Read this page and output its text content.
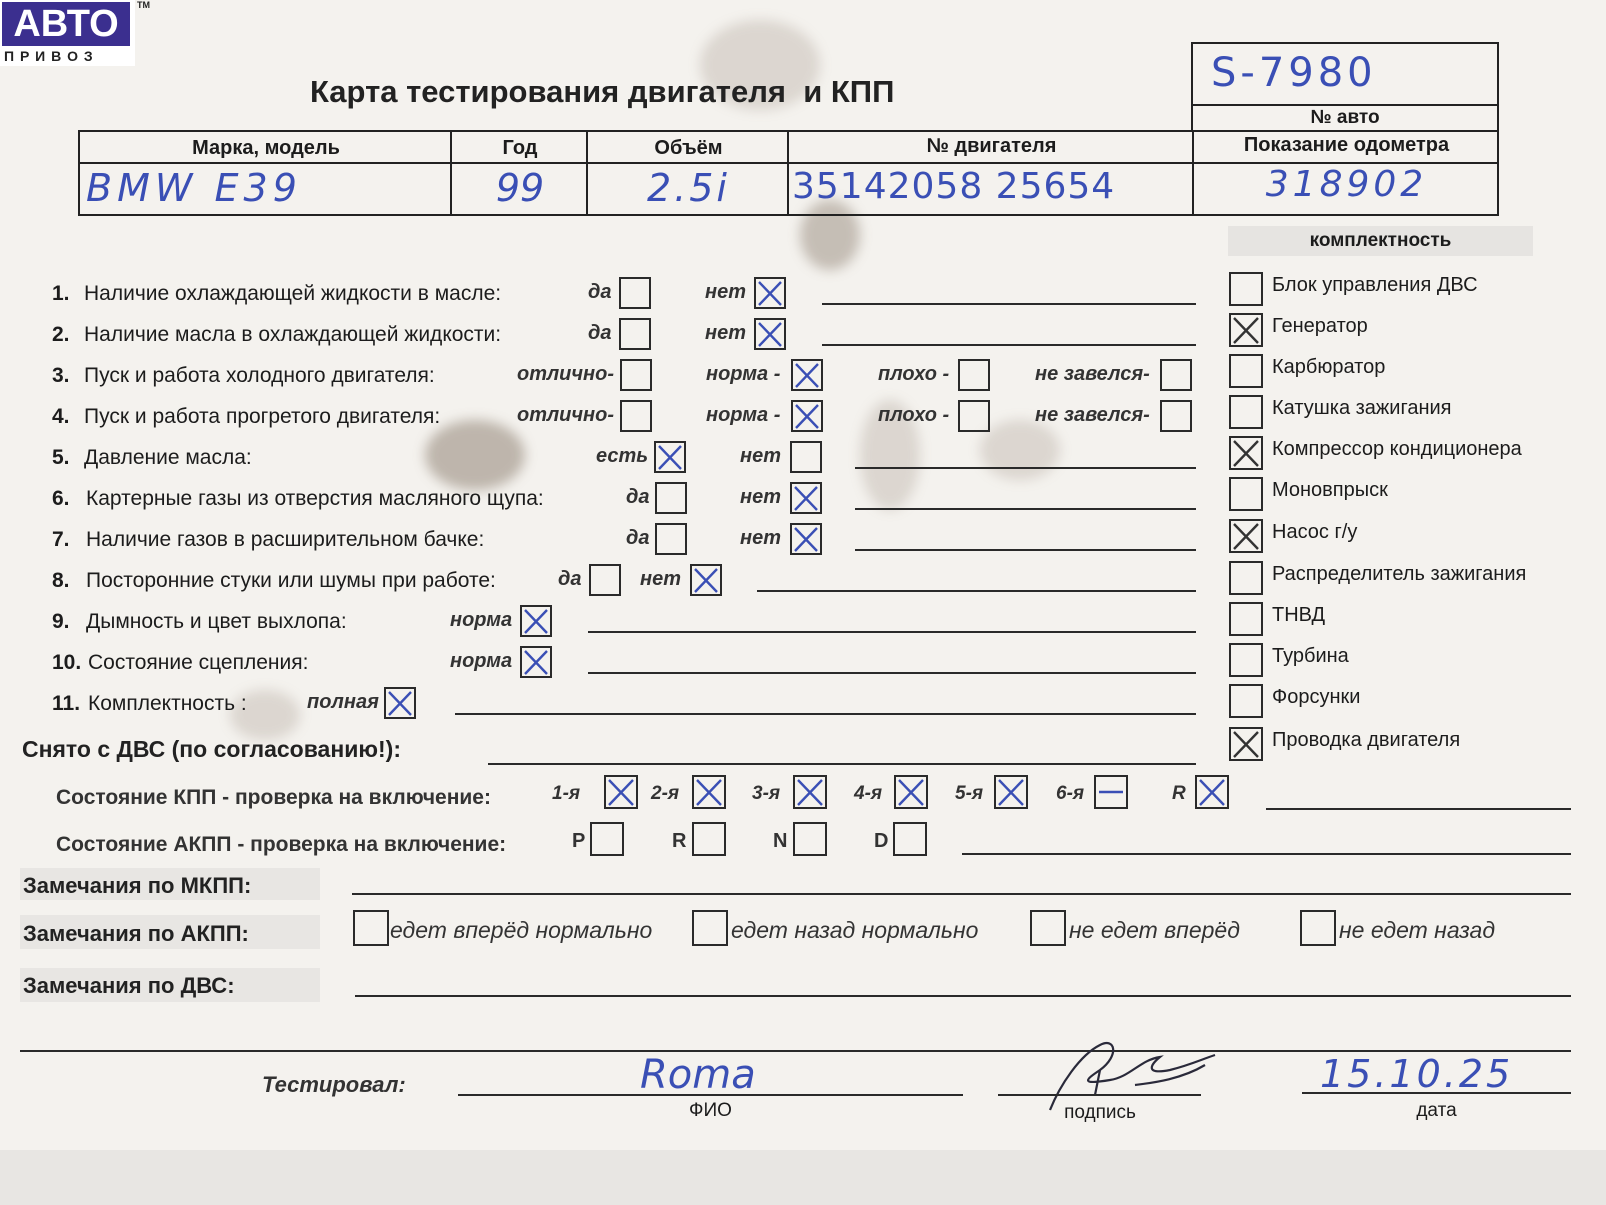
АВТО
П Р И В О З
TM
Карта тестирования двигателя  и КПП	S-7980
№ авто
Марка, модель	Год	Объём	№ двигателя	Показание одометра
BMW E39	99	2.5i	35142058 25654	318902
комплектность
Снято с ДВС (по согласованию!):
Состояние КПП - проверка на включение:
Состояние АКПП - проверка на включение:
Замечания по МКПП:
Замечания по АКПП:
Замечания по ДВС:
Тестировал:	Roma
ФИО	подпись
15.10.25
дата
Блок управления ДВС
Генератор
Карбюратор
Катушка зажигания
Компрессор кондиционера
Моновпрыск
Насос г/у
Распределитель зажигания
ТНВД
Турбина
Форсунки
Проводка двигателя
1. Наличие охлаждающей жидкости в масле:	да	нет
2. Наличие масла в охлаждающей жидкости:	да	нет
3. Пуск и работа холодного двигателя:	отлично-	норма -	плохо -	не завелся-
4. Пуск и работа прогретого двигателя:	отлично-	норма -	плохо -	не завелся-
5. Давление масла:	есть	нет
6. Картерные газы из отверстия масляного щупа:	да	нет
7. Наличие газов в расширительном бачке:	да	нет
8. Посторонние стуки или шумы при работе:	да	нет
9. Дымность и цвет выхлопа:	норма
10. Состояние сцепления:	норма
11. Комплектность :	полная
1-я	2-я	3-я	4-я	5-я	6-я	R
P	R	N	D
едет вперёд нормально	едет назад нормально	не едет вперёд	не едет назад
